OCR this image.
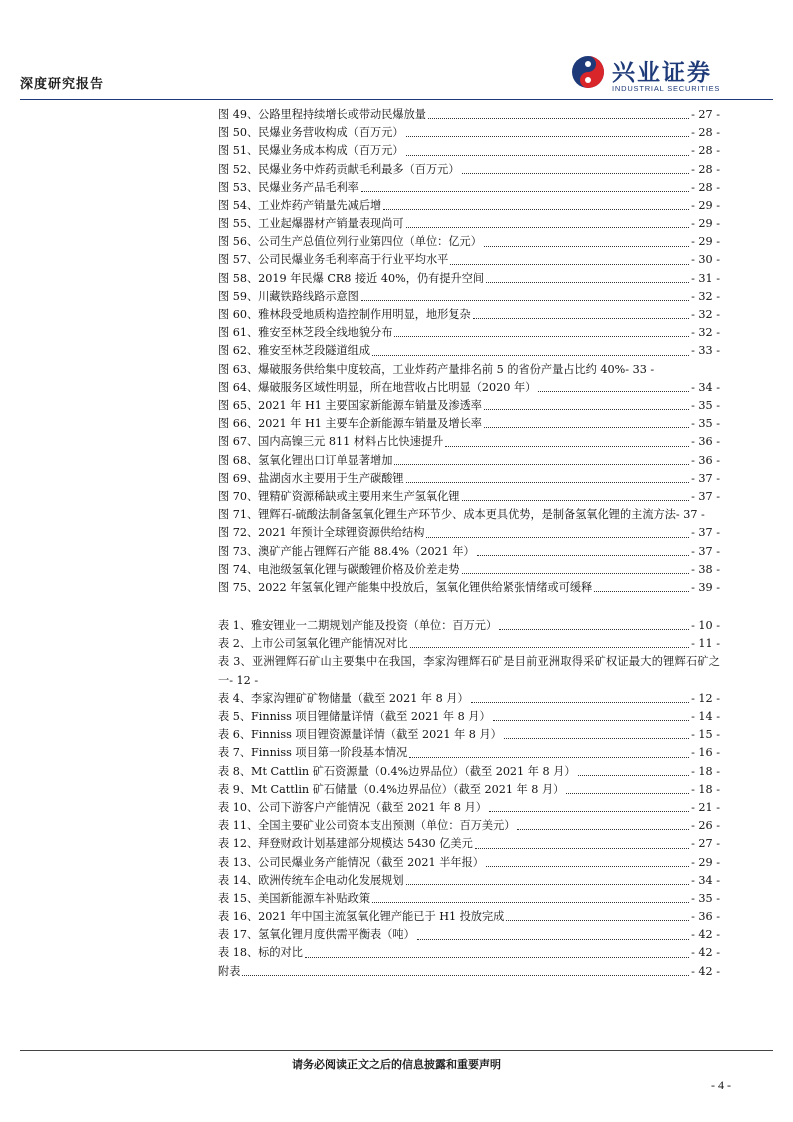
深度研究报告	兴业证券
INDUSTRIAL SECURITIES
图 49、公路里程持续增长或带动民爆放量	- 27 -
图 50、民爆业务营收构成（百万元）	- 28 -
图 51、民爆业务成本构成（百万元）	- 28 -
图 52、民爆业务中炸药贡献毛利最多（百万元）	- 28 -
图 53、民爆业务产品毛利率	- 28 -
图 54、工业炸药产销量先减后增	- 29 -
图 55、工业起爆器材产销量表现尚可	- 29 -
图 56、公司生产总值位列行业第四位（单位：亿元）	- 29 -
图 57、公司民爆业务毛利率高于行业平均水平	- 30 -
图 58、2019 年民爆 CR8 接近 40%，仍有提升空间	- 31 -
图 59、川藏铁路线路示意图	- 32 -
图 60、雅林段受地质构造控制作用明显，地形复杂	- 32 -
图 61、雅安至林芝段全线地貌分布	- 32 -
图 62、雅安至林芝段隧道组成	- 33 -
图 63、爆破服务供给集中度较高，工业炸药产量排名前 5 的省份产量占比约 40%- 33 -
图 64、爆破服务区域性明显，所在地营收占比明显（2020 年）	- 34 -
图 65、2021 年 H1 主要国家新能源车销量及渗透率	- 35 -
图 66、2021 年 H1 主要车企新能源车销量及增长率	- 35 -
图 67、国内高镍三元 811 材料占比快速提升	- 36 -
图 68、氢氧化锂出口订单显著增加	- 36 -
图 69、盐湖卤水主要用于生产碳酸锂	- 37 -
图 70、锂精矿资源稀缺或主要用来生产氢氧化锂	- 37 -
图 71、锂辉石-硫酸法制备氢氧化锂生产环节少、成本更具优势，是制备氢氧化锂的主流方法- 37 -
图 72、2021 年预计全球锂资源供给结构	- 37 -
图 73、澳矿产能占锂辉石产能 88.4%（2021 年）	- 37 -
图 74、电池级氢氧化锂与碳酸锂价格及价差走势	- 38 -
图 75、2022 年氢氧化锂产能集中投放后，氢氧化锂供给紧张情绪或可缓释	- 39 -
表 1、雅安锂业一二期规划产能及投资（单位：百万元）	- 10 -
表 2、上市公司氢氧化锂产能情况对比	- 11 -
表 3、亚洲锂辉石矿山主要集中在我国，李家沟锂辉石矿是目前亚洲取得采矿权证最大的锂辉石矿之一- 12 -
表 4、李家沟锂矿矿物储量（截至 2021 年 8 月）	- 12 -
表 5、Finniss 项目锂储量详情（截至 2021 年 8 月）	- 14 -
表 6、Finniss 项目锂资源量详情（截至 2021 年 8 月）	- 15 -
表 7、Finniss 项目第一阶段基本情况	- 16 -
表 8、Mt Cattlin 矿石资源量（0.4%边界品位）（截至 2021 年 8 月）	- 18 -
表 9、Mt Cattlin 矿石储量（0.4%边界品位）（截至 2021 年 8 月）	- 18 -
表 10、公司下游客户产能情况（截至 2021 年 8 月）	- 21 -
表 11、全国主要矿业公司资本支出预测（单位：百万美元）	- 26 -
表 12、拜登财政计划基建部分规模达 5430 亿美元	- 27 -
表 13、公司民爆业务产能情况（截至 2021 半年报）	- 29 -
表 14、欧洲传统车企电动化发展规划	- 34 -
表 15、美国新能源车补贴政策	- 35 -
表 16、2021 年中国主流氢氧化锂产能已于 H1 投放完成	- 36 -
表 17、氢氧化锂月度供需平衡表（吨）	- 42 -
表 18、标的对比	- 42 -
附表	- 42 -
请务必阅读正文之后的信息披露和重要声明
- 4 -
